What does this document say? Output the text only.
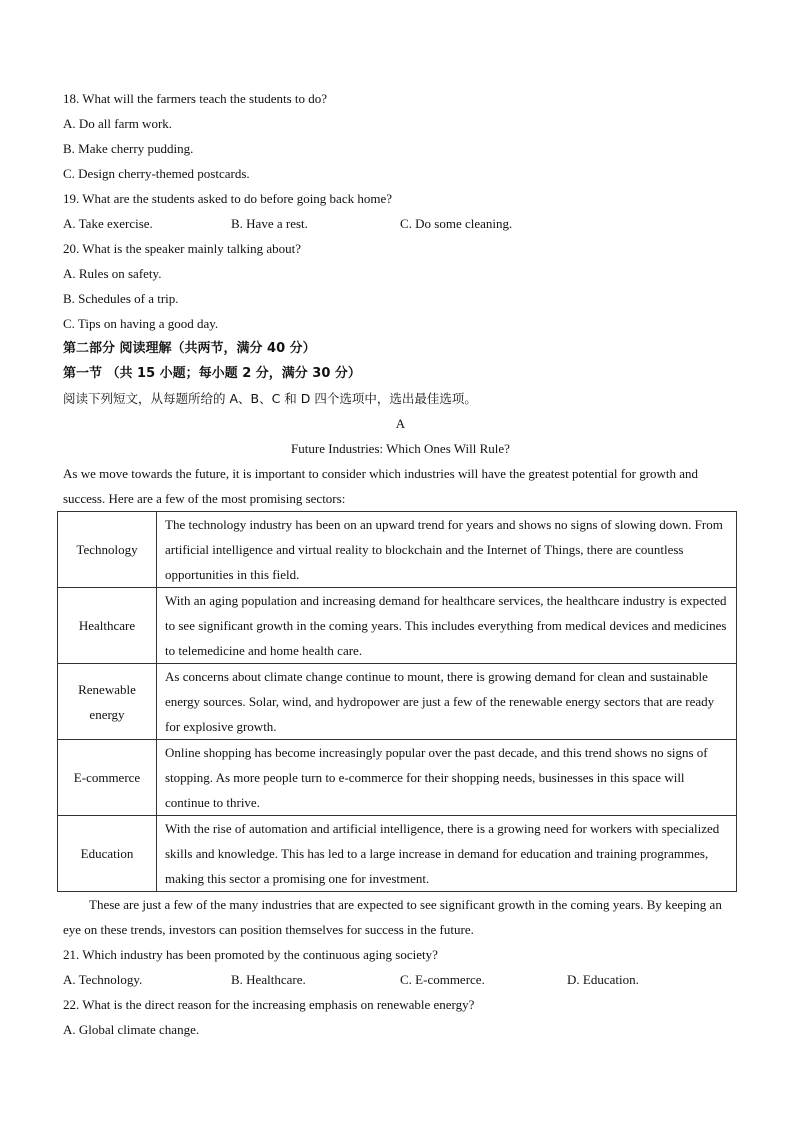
18. What will the farmers teach the students to do?
A. Do all farm work.
B. Make cherry pudding.
C. Design cherry-themed postcards.
19. What are the students asked to do before going back home?
A. Take exercise.	B. Have a rest.	C. Do some cleaning.
20. What is the speaker mainly talking about?
A. Rules on safety.
B. Schedules of a trip.
C. Tips on having a good day.
第二部分 阅读理解（共两节，满分 40 分）
第一节 （共 15 小题；每小题 2 分，满分 30 分）
阅读下列短文，从每题所给的 A、B、C 和 D 四个选项中，选出最佳选项。
A
Future Industries: Which Ones Will Rule?
As we move towards the future, it is important to consider which industries will have the greatest potential for growth and success. Here are a few of the most promising sectors:
Technology	The technology industry has been on an upward trend for years and shows no signs of slowing down. From artificial intelligence and virtual reality to blockchain and the Internet of Things, there are countless opportunities in this field.
Healthcare	With an aging population and increasing demand for healthcare services, the healthcare industry is expected to see significant growth in the coming years. This includes everything from medical devices and medicines to telemedicine and home health care.
Renewable energy	As concerns about climate change continue to mount, there is growing demand for clean and sustainable energy sources. Solar, wind, and hydropower are just a few of the renewable energy sectors that are ready for explosive growth.
E-commerce	Online shopping has become increasingly popular over the past decade, and this trend shows no signs of stopping. As more people turn to e-commerce for their shopping needs, businesses in this space will continue to thrive.
Education	With the rise of automation and artificial intelligence, there is a growing need for workers with specialized skills and knowledge. This has led to a large increase in demand for education and training programmes, making this sector a promising one for investment.
These are just a few of the many industries that are expected to see significant growth in the coming years. By keeping an eye on these trends, investors can position themselves for success in the future.
21. Which industry has been promoted by the continuous aging society?
A. Technology.	B. Healthcare.	C. E-commerce.	D. Education.
22. What is the direct reason for the increasing emphasis on renewable energy?
A. Global climate change.
